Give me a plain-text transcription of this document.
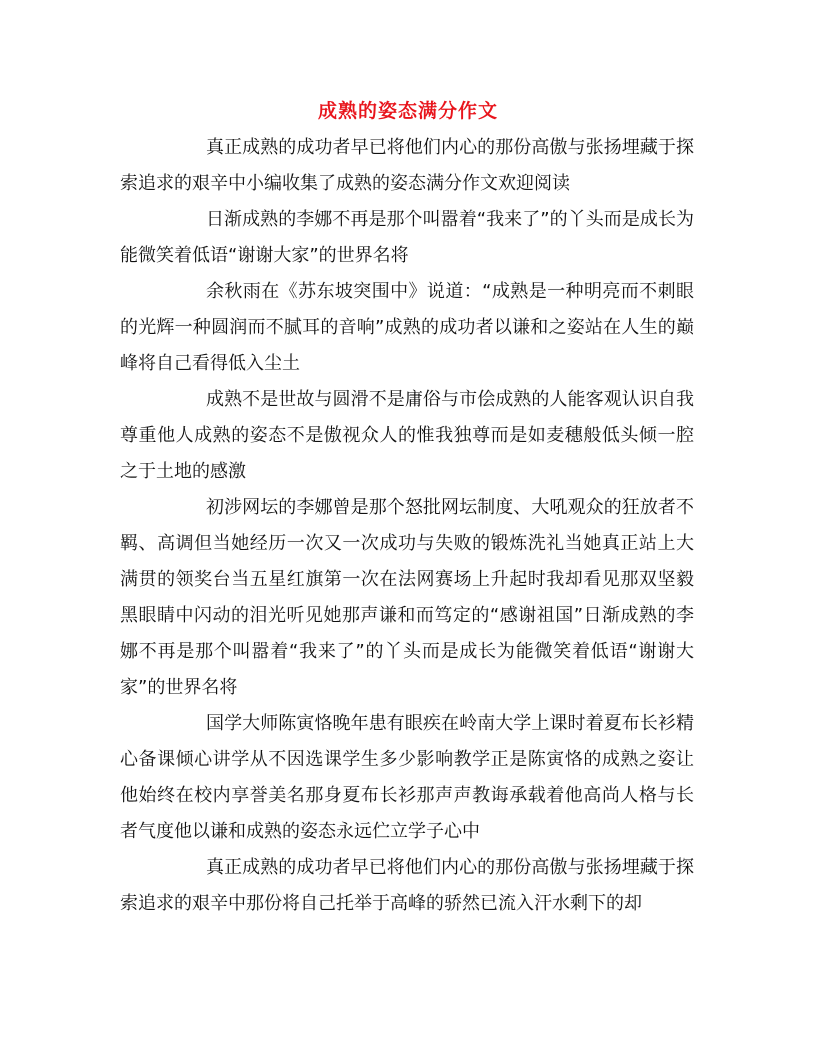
成熟的姿态满分作文

真正成熟的成功者早已将他们内心的那份高傲与张扬埋藏于探索追求的艰辛中小编收集了成熟的姿态满分作文欢迎阅读

日渐成熟的李娜不再是那个叫嚣着“我来了”的丫头而是成长为能微笑着低语“谢谢大家”的世界名将

余秋雨在《苏东坡突围中》说道：“成熟是一种明亮而不刺眼的光辉一种圆润而不腻耳的音响”成熟的成功者以谦和之姿站在人生的巅峰将自己看得低入尘土

成熟不是世故与圆滑不是庸俗与市侩成熟的人能客观认识自我尊重他人成熟的姿态不是傲视众人的惟我独尊而是如麦穗般低头倾一腔之于土地的感激

初涉网坛的李娜曾是那个怒批网坛制度、大吼观众的狂放者不羁、高调但当她经历一次又一次成功与失败的锻炼洗礼当她真正站上大满贯的领奖台当五星红旗第一次在法网赛场上升起时我却看见那双坚毅黑眼睛中闪动的泪光听见她那声谦和而笃定的“感谢祖国”日渐成熟的李娜不再是那个叫嚣着“我来了”的丫头而是成长为能微笑着低语“谢谢大家”的世界名将

国学大师陈寅恪晚年患有眼疾在岭南大学上课时着夏布长衫精心备课倾心讲学从不因选课学生多少影响教学正是陈寅恪的成熟之姿让他始终在校内享誉美名那身夏布长衫那声声教诲承载着他高尚人格与长者气度他以谦和成熟的姿态永远伫立学子心中

真正成熟的成功者早已将他们内心的那份高傲与张扬埋藏于探索追求的艰辛中那份将自己托举于高峰的骄然已流入汗水剩下的却
